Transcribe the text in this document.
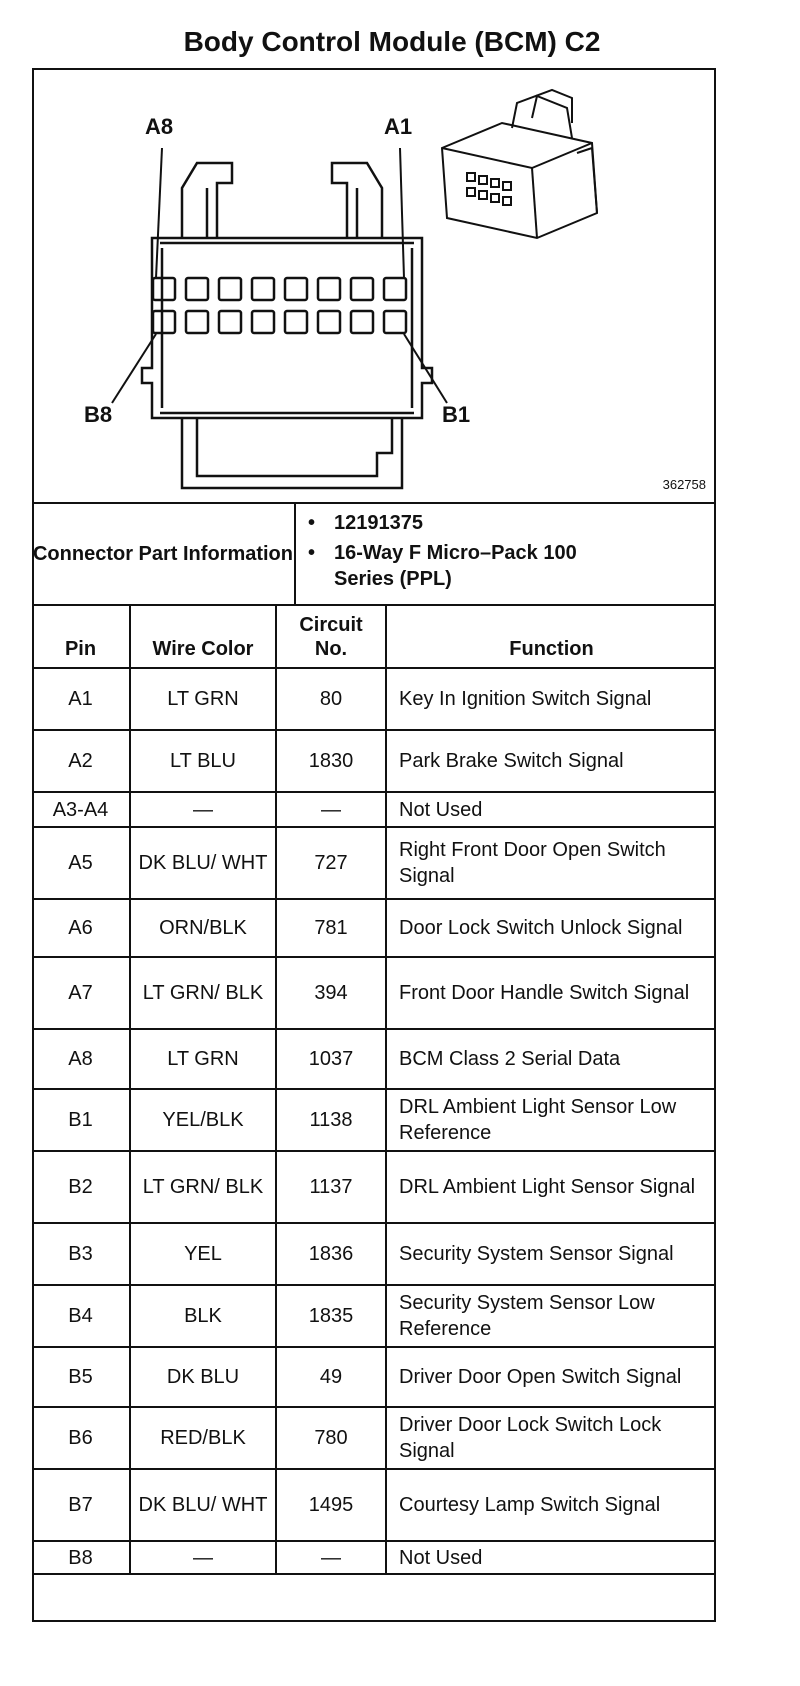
Body Control Module (BCM) C2
A8	A1
B8	B1
362758
Connector Part Information
• 12191375
• 16-Way F Micro–Pack 100 Series (PPL)
Pin	Wire Color	Circuit No.	Function
A1	LT GRN	80	Key In Ignition Switch Signal
A2	LT BLU	1830	Park Brake Switch Signal
A3-A4	—	—	Not Used
A5	DK BLU/ WHT	727	Right Front Door Open Switch Signal
A6	ORN/BLK	781	Door Lock Switch Unlock Signal
A7	LT GRN/ BLK	394	Front Door Handle Switch Signal
A8	LT GRN	1037	BCM Class 2 Serial Data
B1	YEL/BLK	1138	DRL Ambient Light Sensor Low Reference
B2	LT GRN/ BLK	1137	DRL Ambient Light Sensor Signal
B3	YEL	1836	Security System Sensor Signal
B4	BLK	1835	Security System Sensor Low Reference
B5	DK BLU	49	Driver Door Open Switch Signal
B6	RED/BLK	780	Driver Door Lock Switch Lock Signal
B7	DK BLU/ WHT	1495	Courtesy Lamp Switch Signal
B8	—	—	Not Used
